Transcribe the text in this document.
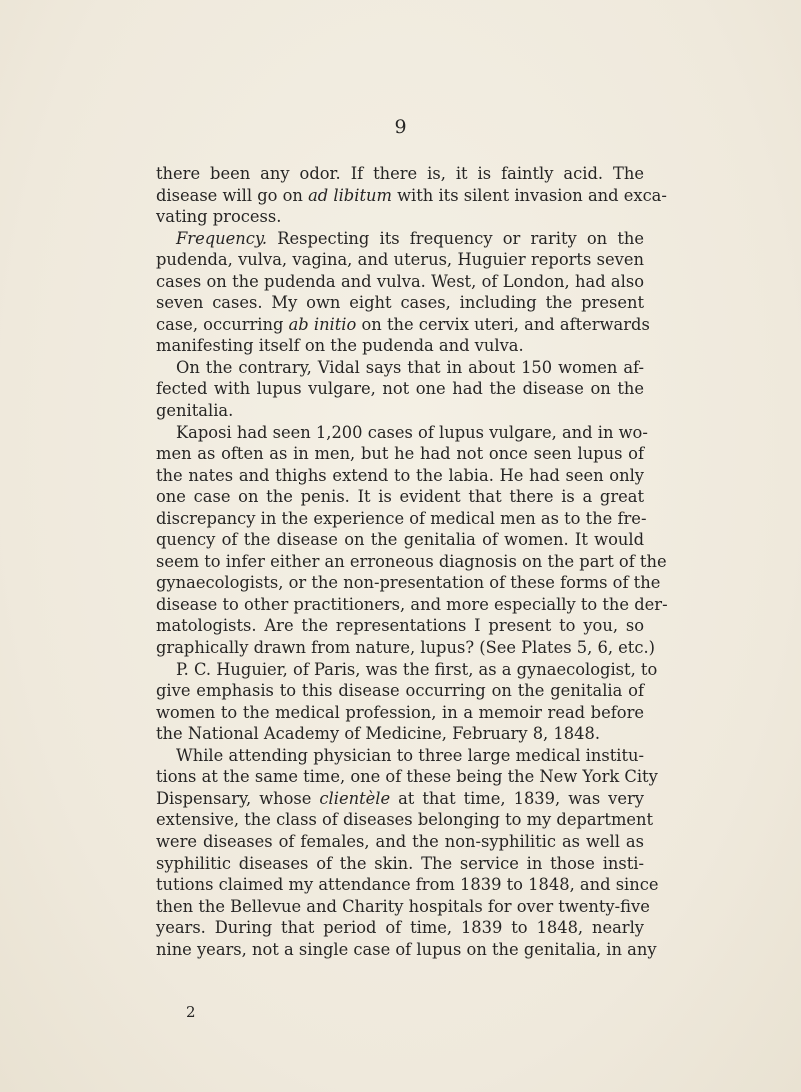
9
there been any odor. If there is, it is faintly acid. The
disease will go on ad libitum with its silent invasion and exca-
vating process.
Frequency. Respecting its frequency or rarity on the
pudenda, vulva, vagina, and uterus, Huguier reports seven
cases on the pudenda and vulva. West, of London, had also
seven cases. My own eight cases, including the present
case, occurring ab initio on the cervix uteri, and afterwards
manifesting itself on the pudenda and vulva.
On the contrary, Vidal says that in about 150 women af-
fected with lupus vulgare, not one had the disease on the
genitalia.
Kaposi had seen 1,200 cases of lupus vulgare, and in wo-
men as often as in men, but he had not once seen lupus of
the nates and thighs extend to the labia. He had seen only
one case on the penis. It is evident that there is a great
discrepancy in the experience of medical men as to the fre-
quency of the disease on the genitalia of women. It would
seem to infer either an erroneous diagnosis on the part of the
gynaecologists, or the non-presentation of these forms of the
disease to other practitioners, and more especially to the der-
matologists. Are the representations I present to you, so
graphically drawn from nature, lupus? (See Plates 5, 6, etc.)
P. C. Huguier, of Paris, was the first, as a gynaecologist, to
give emphasis to this disease occurring on the genitalia of
women to the medical profession, in a memoir read before
the National Academy of Medicine, February 8, 1848.
While attending physician to three large medical institu-
tions at the same time, one of these being the New York City
Dispensary, whose clientèle at that time, 1839, was very
extensive, the class of diseases belonging to my department
were diseases of females, and the non-syphilitic as well as
syphilitic diseases of the skin. The service in those insti-
tutions claimed my attendance from 1839 to 1848, and since
then the Bellevue and Charity hospitals for over twenty-five
years. During that period of time, 1839 to 1848, nearly
nine years, not a single case of lupus on the genitalia, in any
2
